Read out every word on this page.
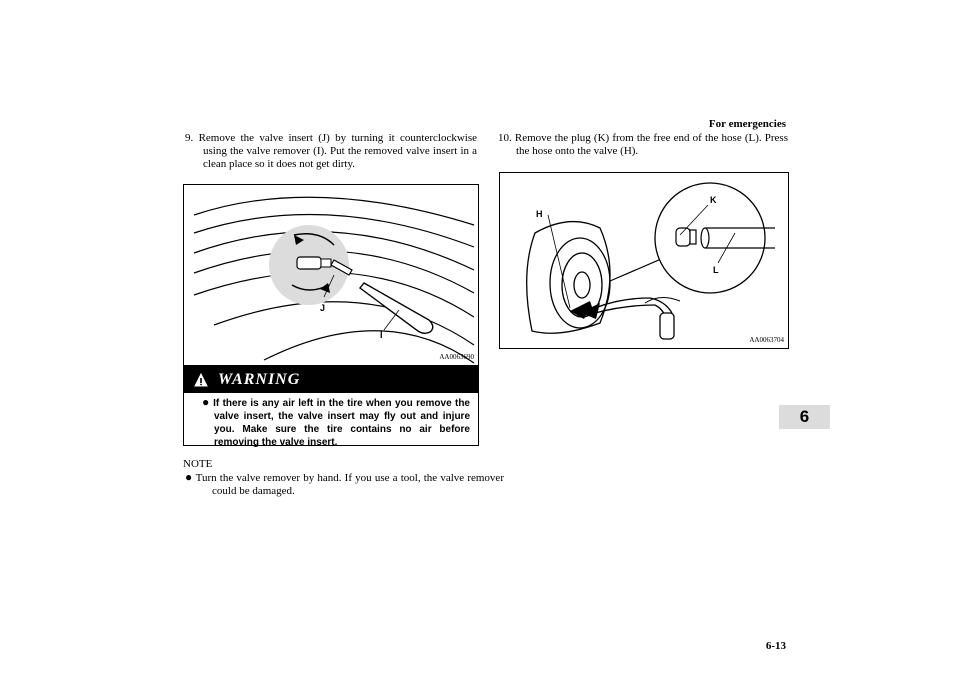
For emergencies
6-13
6
9. Remove the valve insert (J) by turning it counterclockwise using the valve remover (I). Put the removed valve insert in a clean place so it does not get dirty.
J
I
AA0063690
WARNING
● If there is any air left in the tire when you remove the valve insert, the valve insert may fly out and injure you. Make sure the tire contains no air before removing the valve insert.
NOTE
● Turn the valve remover by hand. If you use a tool, the valve remover could be damaged.
10. Remove the plug (K) from the free end of the hose (L). Press the hose onto the valve (H).
H
K
L
AA0063704
